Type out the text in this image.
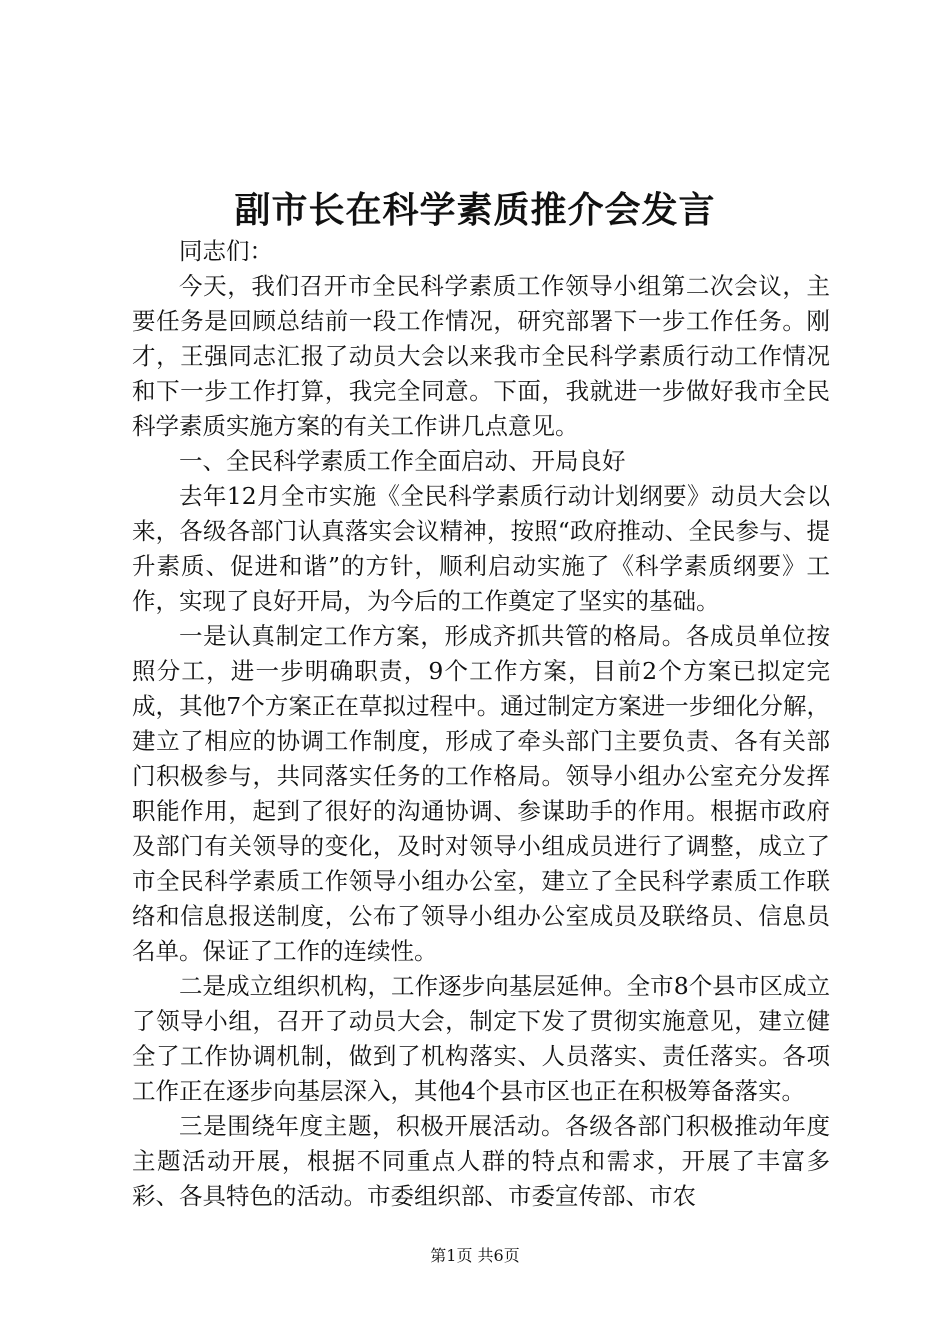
副市长在科学素质推介会发言

同志们：

今天，我们召开市全民科学素质工作领导小组第二次会议，主要任务是回顾总结前一段工作情况，研究部署下一步工作任务。刚才，王强同志汇报了动员大会以来我市全民科学素质行动工作情况和下一步工作打算，我完全同意。下面，我就进一步做好我市全民科学素质实施方案的有关工作讲几点意见。

一、全民科学素质工作全面启动、开局良好

去年12月全市实施《全民科学素质行动计划纲要》动员大会以来，各级各部门认真落实会议精神，按照“政府推动、全民参与、提升素质、促进和谐”的方针，顺利启动实施了《科学素质纲要》工作，实现了良好开局，为今后的工作奠定了坚实的基础。

一是认真制定工作方案，形成齐抓共管的格局。各成员单位按照分工，进一步明确职责，9个工作方案，目前2个方案已拟定完成，其他7个方案正在草拟过程中。通过制定方案进一步细化分解，建立了相应的协调工作制度，形成了牵头部门主要负责、各有关部门积极参与，共同落实任务的工作格局。领导小组办公室充分发挥职能作用，起到了很好的沟通协调、参谋助手的作用。根据市政府及部门有关领导的变化，及时对领导小组成员进行了调整，成立了市全民科学素质工作领导小组办公室，建立了全民科学素质工作联络和信息报送制度，公布了领导小组办公室成员及联络员、信息员名单。保证了工作的连续性。

二是成立组织机构，工作逐步向基层延伸。全市8个县市区成立了领导小组，召开了动员大会，制定下发了贯彻实施意见，建立健全了工作协调机制，做到了机构落实、人员落实、责任落实。各项工作正在逐步向基层深入，其他4个县市区也正在积极筹备落实。

三是围绕年度主题，积极开展活动。各级各部门积极推动年度主题活动开展，根据不同重点人群的特点和需求，开展了丰富多彩、各具特色的活动。市委组织部、市委宣传部、市农

第1页 共6页
